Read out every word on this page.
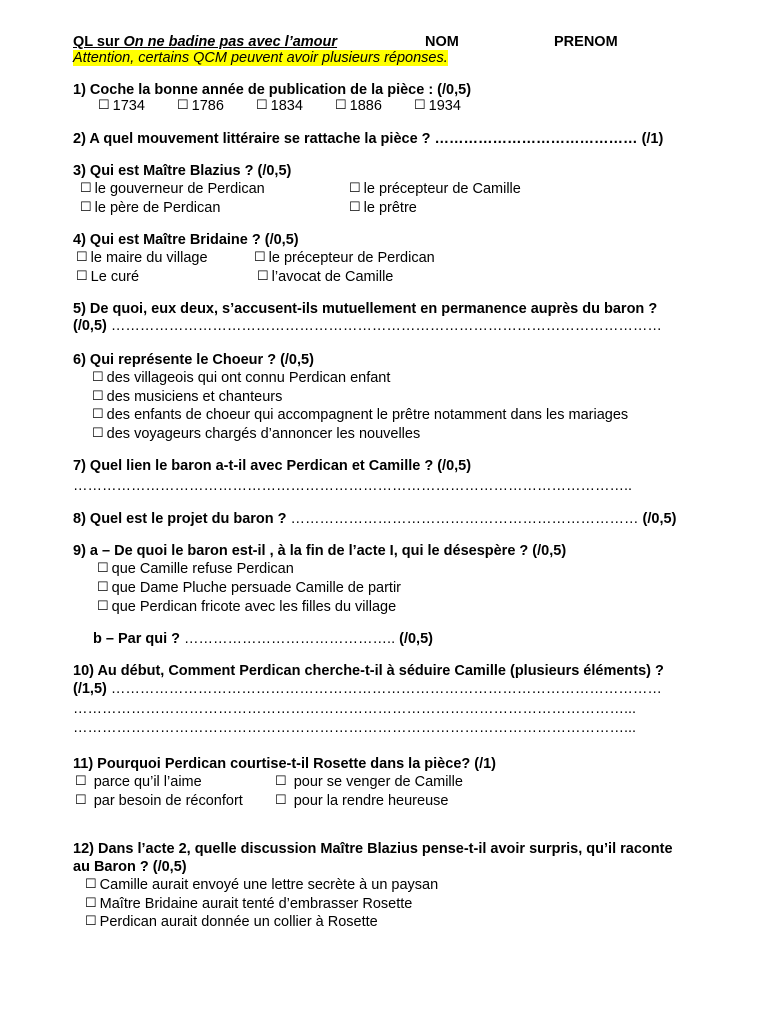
QL sur On ne badine pas avec l’amour	NOM	PRENOM
Attention, certains QCM peuvent avoir plusieurs réponses.
1) Coche la bonne année de publication de la pièce : (/0,5)
☐ 1734 ☐ 1786 ☐ 1834 ☐ 1886 ☐ 1934
2) A quel mouvement littéraire se rattache la pièce ? …………………………………… (/1)
3) Qui est Maître Blazius ? (/0,5)
☐ le gouverneur de Perdican	☐ le précepteur de Camille
☐ le père de Perdican	☐ le prêtre
4) Qui est Maître Bridaine ? (/0,5)
☐ le maire du village	☐ le précepteur de Perdican
☐ Le curé	☐ l’avocat de Camille
5) De quoi, eux deux, s’accusent-ils mutuellement en permanence auprès du baron ?
(/0,5) ……………………………………………………………………………………………………
6) Qui représente le Choeur ? (/0,5)
☐ des villageois qui ont connu Perdican enfant
☐ des musiciens et chanteurs
☐ des enfants de choeur qui accompagnent le prêtre notamment dans les mariages
☐ des voyageurs chargés d’annoncer les nouvelles
7) Quel lien le baron a-t-il avec Perdican et Camille ? (/0,5)
……………………………………………………………………………………………………..
8) Quel est le projet du baron ? ……………………………………………………………… (/0,5)
9) a – De quoi le baron est-il , à la fin de l’acte I, qui le désespère ? (/0,5)
☐ que Camille refuse Perdican
☐ que Dame Pluche persuade Camille de partir
☐ que Perdican fricote avec les filles du village
b – Par qui ? …………………………………….. (/0,5)
10) Au début, Comment Perdican cherche-t-il à séduire Camille (plusieurs éléments) ?
(/1,5) ……………………………………………………………………………………………………
……………………………………………………………………………………………………...
……………………………………………………………………………………………………...
11) Pourquoi Perdican courtise-t-il Rosette dans la pièce? (/1)
☐ parce qu’il l’aime	☐ pour se venger de Camille
☐ par besoin de réconfort ☐ pour la rendre heureuse
12) Dans l’acte 2, quelle discussion Maître Blazius pense-t-il avoir surpris, qu’il raconte
au Baron ? (/0,5)
☐ Camille aurait envoyé une lettre secrète à un paysan
☐ Maître Bridaine aurait tenté d’embrasser Rosette
☐ Perdican aurait donnée un collier à Rosette
